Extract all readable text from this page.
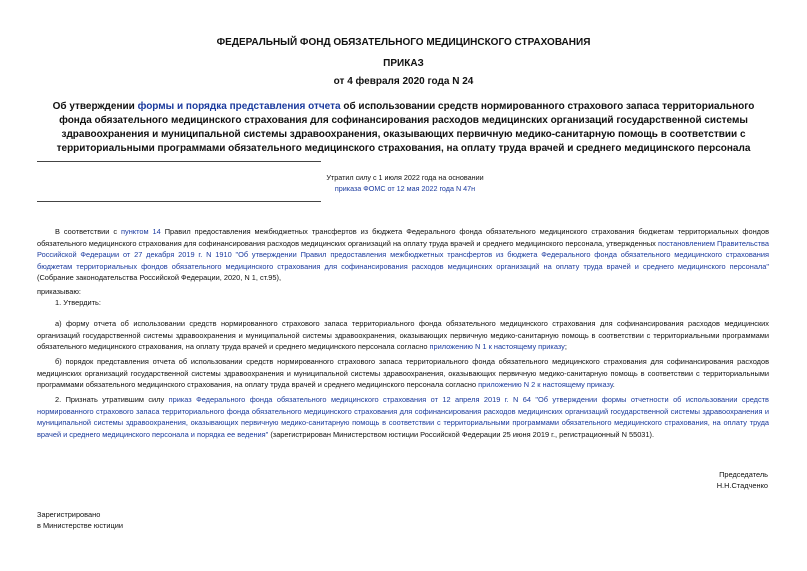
ФЕДЕРАЛЬНЫЙ ФОНД ОБЯЗАТЕЛЬНОГО МЕДИЦИНСКОГО СТРАХОВАНИЯ
ПРИКАЗ
от 4 февраля 2020 года N 24
Об утверждении формы и порядка представления отчета об использовании средств нормированного страхового запаса территориального фонда обязательного медицинского страхования для софинансирования расходов медицинских организаций государственной системы здравоохранения и муниципальной системы здравоохранения, оказывающих первичную медико-санитарную помощь в соответствии с территориальными программами обязательного медицинского страхования, на оплату труда врачей и среднего медицинского персонала
Утратил силу с 1 июля 2022 года на основании
приказа ФОМС от 12 мая 2022 года N 47н

В соответствии с пунктом 14 Правил предоставления межбюджетных трансфертов из бюджета Федерального фонда обязательного медицинского страхования бюджетам территориальных фондов обязательного медицинского страхования для софинансирования расходов медицинских организаций на оплату труда врачей и среднего медицинского персонала, утвержденных постановлением Правительства Российской Федерации от 27 декабря 2019 г. N 1910 "Об утверждении Правил предоставления межбюджетных трансфертов из бюджета Федерального фонда обязательного медицинского страхования бюджетам территориальных фондов обязательного медицинского страхования для софинансирования расходов медицинских организаций на оплату труда врачей и среднего медицинского персонала" (Собрание законодательства Российской Федерации, 2020, N 1, ст.95),

приказываю:
1. Утвердить:

а) форму отчета об использовании средств нормированного страхового запаса территориального фонда обязательного медицинского страхования для софинансирования расходов медицинских организаций государственной системы здравоохранения и муниципальной системы здравоохранения, оказывающих первичную медико-санитарную помощь в соответствии с территориальными программами обязательного медицинского страхования, на оплату труда врачей и среднего медицинского персонала согласно приложению N 1 к настоящему приказу;

б) порядок представления отчета об использовании средств нормированного страхового запаса территориального фонда обязательного медицинского страхования для софинансирования расходов медицинских организаций государственной системы здравоохранения и муниципальной системы здравоохранения, оказывающих первичную медико-санитарную помощь в соответствии с территориальными программами обязательного медицинского страхования, на оплату труда врачей и среднего медицинского персонала согласно приложению N 2 к настоящему приказу.

2. Признать утратившим силу приказ Федерального фонда обязательного медицинского страхования от 12 апреля 2019 г. N 64 "Об утверждении формы отчетности об использовании средств нормированного страхового запаса территориального фонда обязательного медицинского страхования для софинансирования расходов медицинских организаций государственной системы здравоохранения и муниципальной системы здравоохранения, оказывающих первичную медико-санитарную помощь в соответствии с территориальными программами обязательного медицинского страхования, на оплату труда врачей и среднего медицинского персонала и порядка ее ведения" (зарегистрирован Министерством юстиции Российской Федерации 25 июня 2019 г., регистрационный N 55031).

Председатель
Н.Н.Стадченко
Зарегистрировано
в Министерстве юстиции
